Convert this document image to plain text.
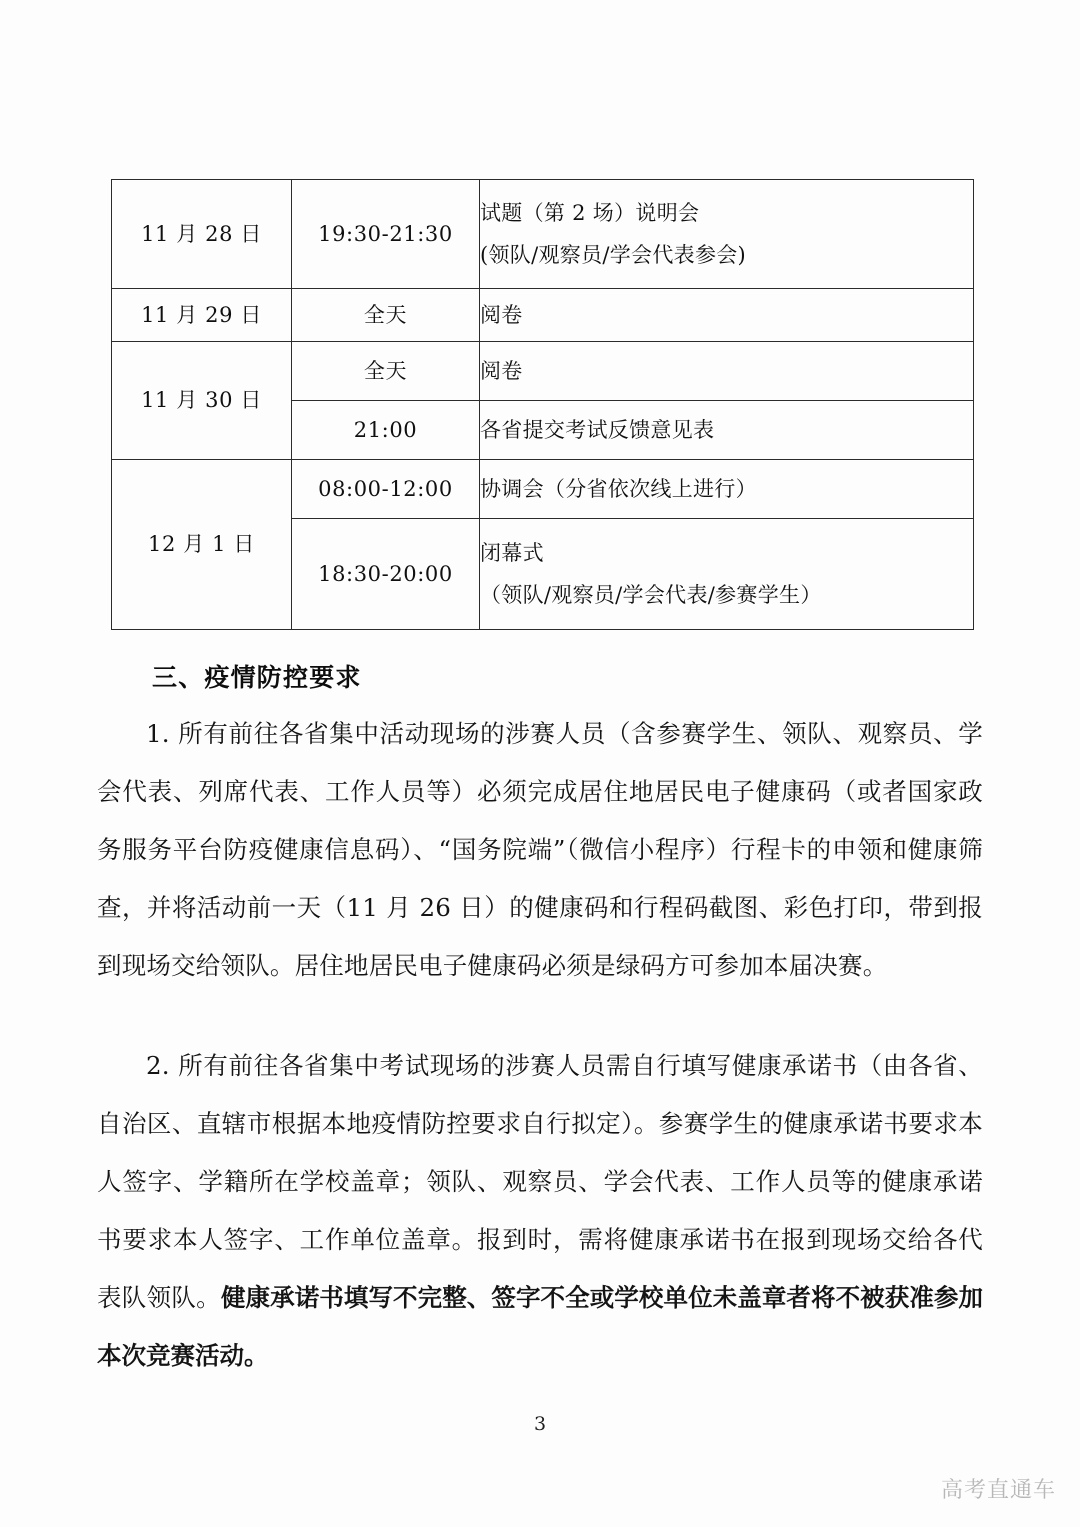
11 月 28 日	19:30-21:30	试题（第 2 场）说明会
(领队/观察员/学会代表参会)

11 月 29 日	全天	阅卷

11 月 30 日	全天	阅卷

	21:00	各省提交考试反馈意见表

12 月 1 日	08:00-12:00	协调会（分省依次线上进行）

	18:30-20:00	闭幕式
（领队/观察员/学会代表/参赛学生）
三、疫情防控要求

1. 所有前往各省集中活动现场的涉赛人员（含参赛学生、领队、观察员、学会代表、列席代表、工作人员等）必须完成居住地居民电子健康码（或者国家政务服务平台防疫健康信息码）、“国务院端”（微信小程序）行程卡的申领和健康筛查，并将活动前一天（11 月 26 日）的健康码和行程码截图、彩色打印，带到报到现场交给领队。居住地居民电子健康码必须是绿码方可参加本届决赛。

2. 所有前往各省集中考试现场的涉赛人员需自行填写健康承诺书（由各省、自治区、直辖市根据本地疫情防控要求自行拟定）。参赛学生的健康承诺书要求本人签字、学籍所在学校盖章；领队、观察员、学会代表、工作人员等的健康承诺书要求本人签字、工作单位盖章。报到时，需将健康承诺书在报到现场交给各代表队领队。健康承诺书填写不完整、签字不全或学校单位未盖章者将不被获准参加本次竞赛活动。

3
高考直通车
